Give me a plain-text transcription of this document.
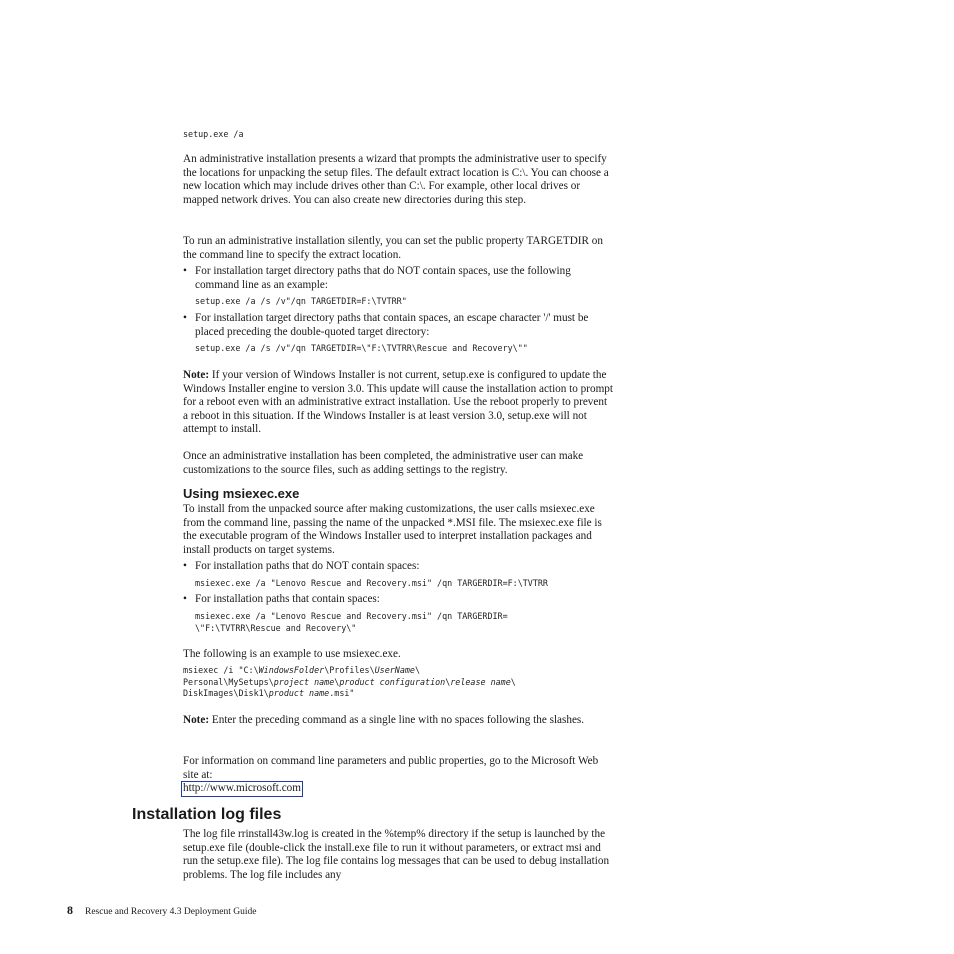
setup.exe /a

An administrative installation presents a wizard that prompts the administrative user to specify the locations for unpacking the setup files. The default extract location is C:\. You can choose a new location which may include drives other than C:\. For example, other local drives or mapped network drives. You can also create new directories during this step.

To run an administrative installation silently, you can set the public property TARGETDIR on the command line to specify the extract location.

• For installation target directory paths that do NOT contain spaces, use the following command line as an example:

setup.exe /a /s /v"/qn TARGETDIR=F:\TVTRR"
• For installation target directory paths that contain spaces, an escape character '/' must be placed preceding the double-quoted target directory:

setup.exe /a /s /v"/qn TARGETDIR=\"F:\TVTRR\Rescue and Recovery\""

Note: If your version of Windows Installer is not current, setup.exe is configured to update the Windows Installer engine to version 3.0. This update will cause the installation action to prompt for a reboot even with an administrative extract installation. Use the reboot properly to prevent a reboot in this situation. If the Windows Installer is at least version 3.0, setup.exe will not attempt to install.

Once an administrative installation has been completed, the administrative user can make customizations to the source files, such as adding settings to the registry.

Using msiexec.exe

To install from the unpacked source after making customizations, the user calls msiexec.exe from the command line, passing the name of the unpacked *.MSI file. The msiexec.exe file is the executable program of the Windows Installer used to interpret installation packages and install products on target systems.

• For installation paths that do NOT contain spaces:

msiexec.exe /a "Lenovo Rescue and Recovery.msi" /qn TARGERDIR=F:\TVTRR
• For installation paths that contain spaces:

msiexec.exe /a "Lenovo Rescue and Recovery.msi" /qn TARGERDIR=
\"F:\TVTRR\Rescue and Recovery\"

The following is an example to use msiexec.exe.

msiexec /i "C:\WindowsFolder\Profiles\UserName\
Personal\MySetups\project name\product configuration\release name\
DiskImages\Disk1\product name.msi"

Note: Enter the preceding command as a single line with no spaces following the slashes.

For information on command line parameters and public properties, go to the Microsoft Web site at:

http://www.microsoft.com
Installation log files

The log file rrinstall43w.log is created in the %temp% directory if the setup is launched by the setup.exe file (double-click the install.exe file to run it without parameters, or extract msi and run the setup.exe file). The log file contains log messages that can be used to debug installation problems. The log file includes any

8 Rescue and Recovery 4.3 Deployment Guide
